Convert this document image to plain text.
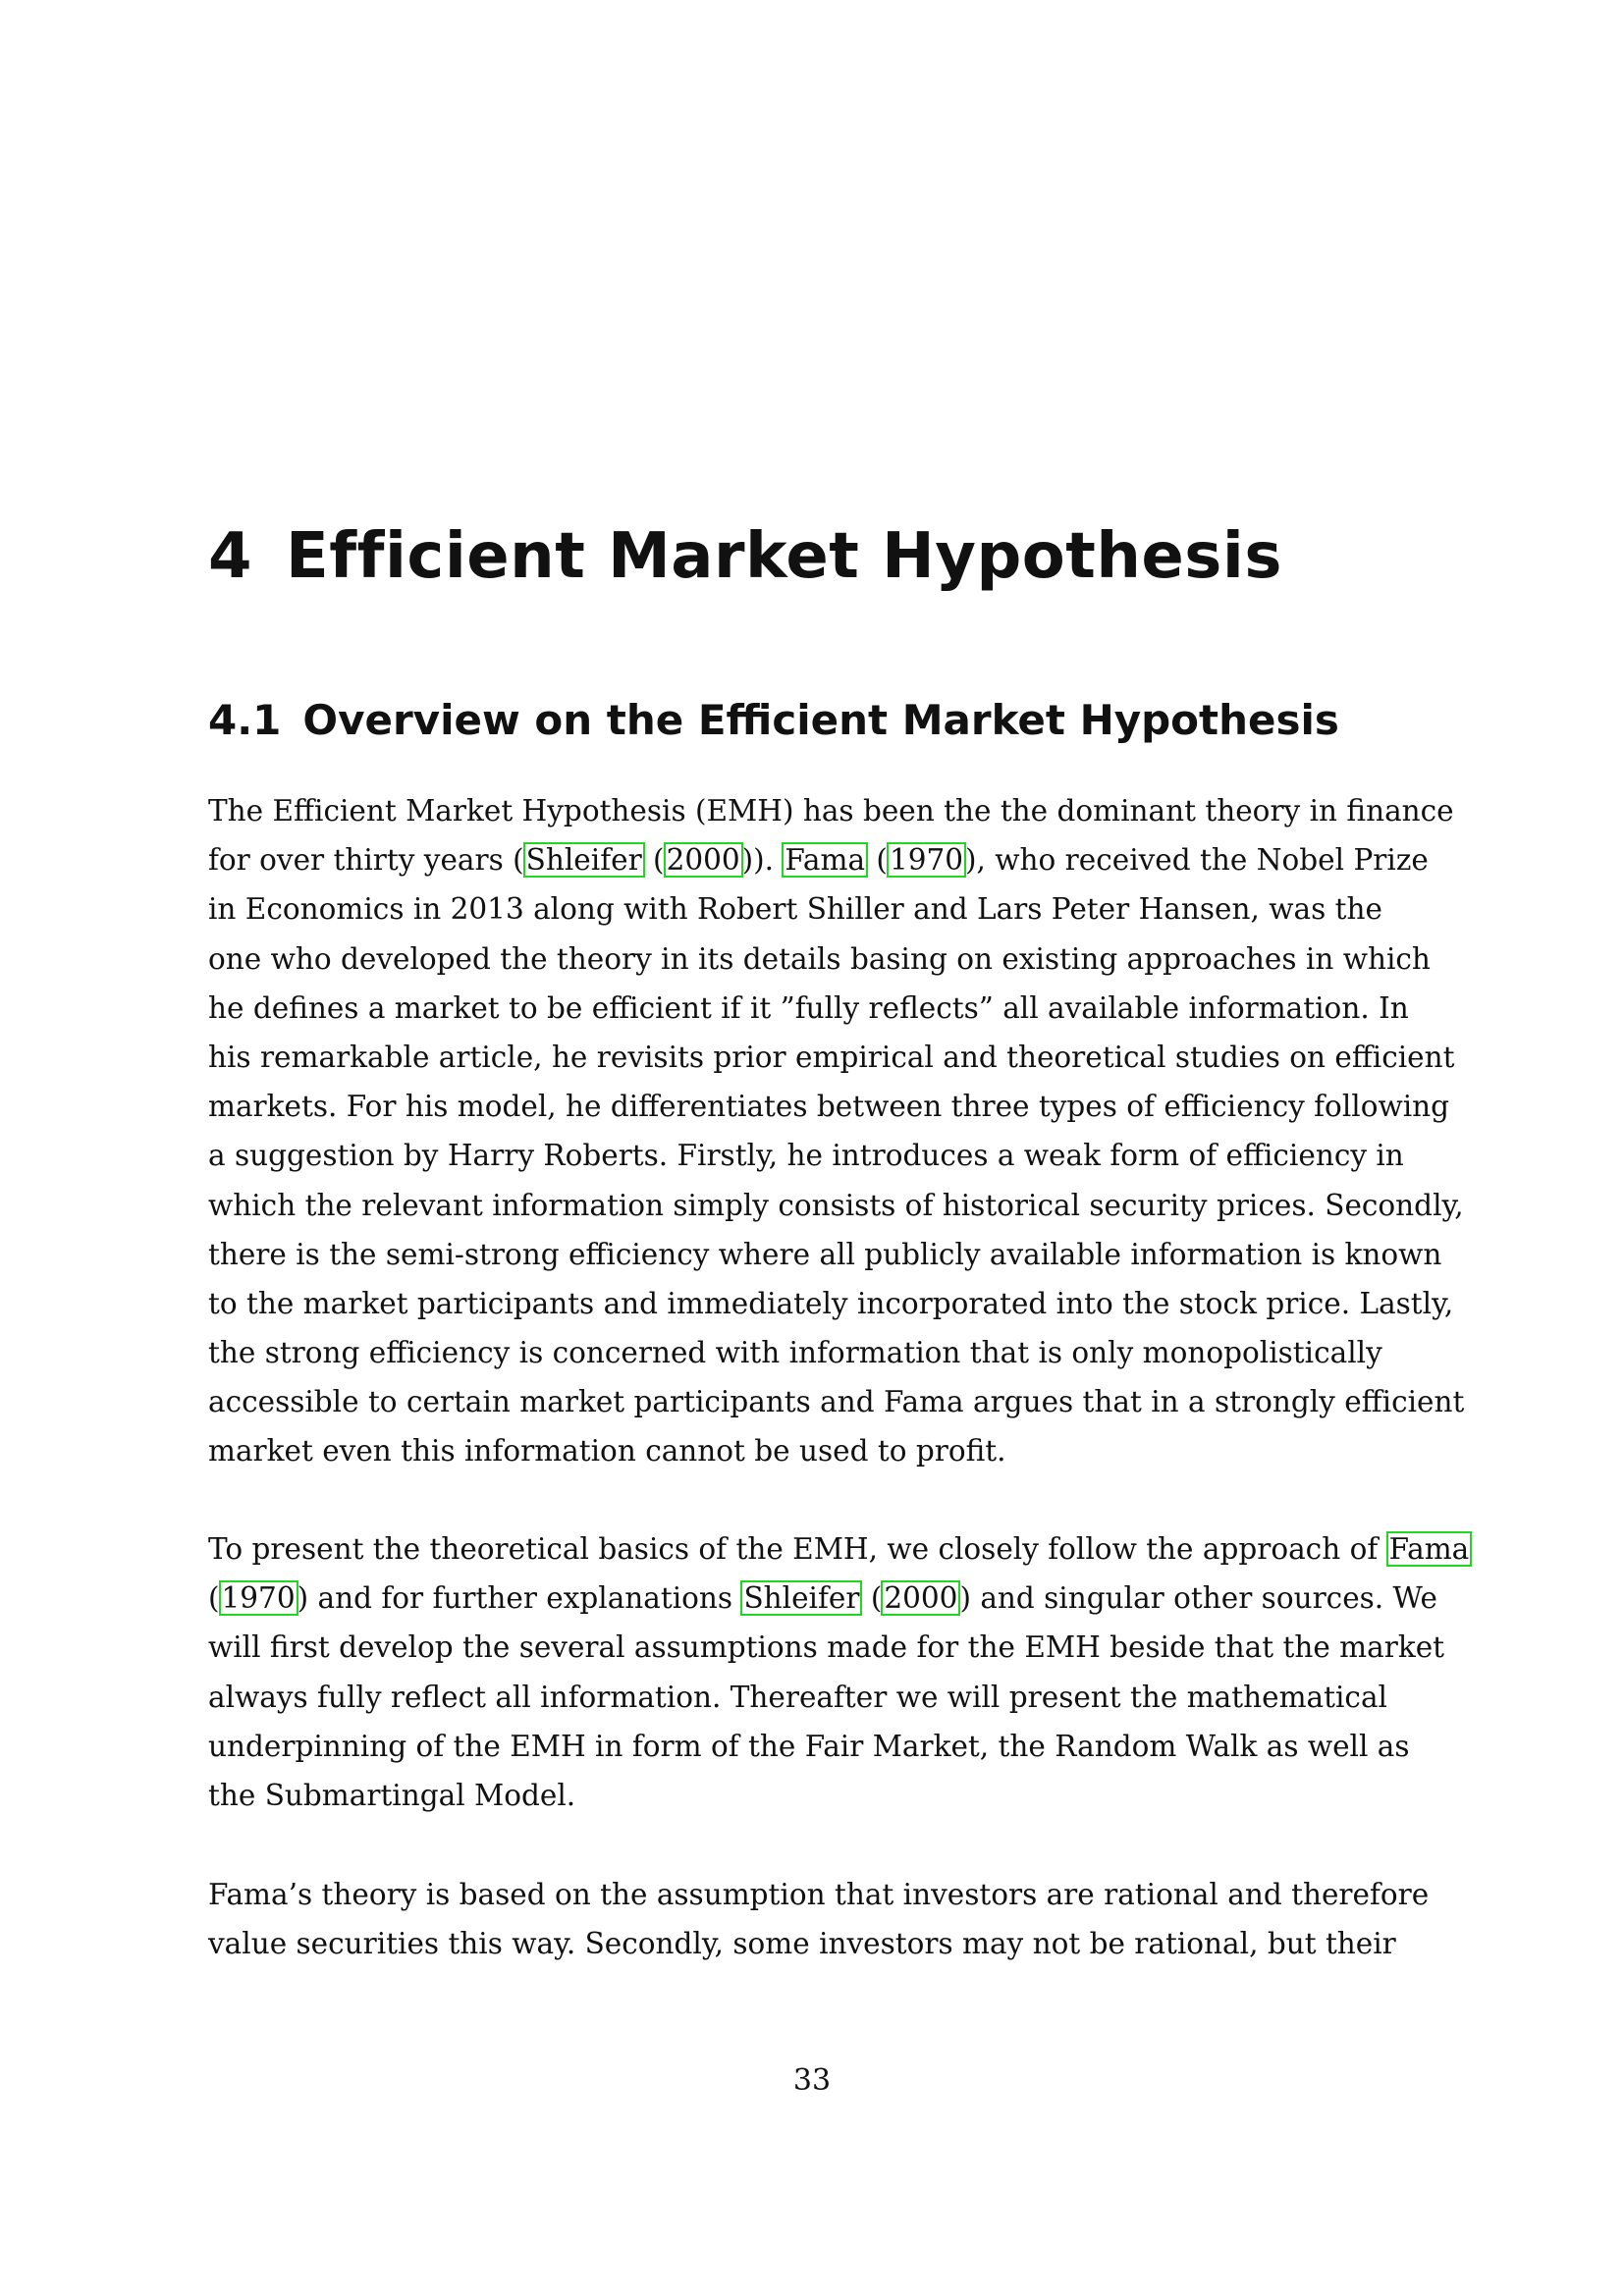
4 Efficient Market Hypothesis
4.1 Overview on the Efficient Market Hypothesis
The Efficient Market Hypothesis (EMH) has been the the dominant theory in finance
for over thirty years (Shleifer (2000)). Fama (1970), who received the Nobel Prize
in Economics in 2013 along with Robert Shiller and Lars Peter Hansen, was the
one who developed the theory in its details basing on existing approaches in which
he defines a market to be efficient if it ”fully reflects” all available information. In
his remarkable article, he revisits prior empirical and theoretical studies on efficient
markets. For his model, he differentiates between three types of efficiency following
a suggestion by Harry Roberts. Firstly, he introduces a weak form of efficiency in
which the relevant information simply consists of historical security prices. Secondly,
there is the semi-strong efficiency where all publicly available information is known
to the market participants and immediately incorporated into the stock price. Lastly,
the strong efficiency is concerned with information that is only monopolistically
accessible to certain market participants and Fama argues that in a strongly efficient
market even this information cannot be used to profit.
To present the theoretical basics of the EMH, we closely follow the approach of Fama
(1970) and for further explanations Shleifer (2000) and singular other sources. We
will first develop the several assumptions made for the EMH beside that the market
always fully reflect all information. Thereafter we will present the mathematical
underpinning of the EMH in form of the Fair Market, the Random Walk as well as
the Submartingal Model.
Fama’s theory is based on the assumption that investors are rational and therefore
value securities this way. Secondly, some investors may not be rational, but their
33
